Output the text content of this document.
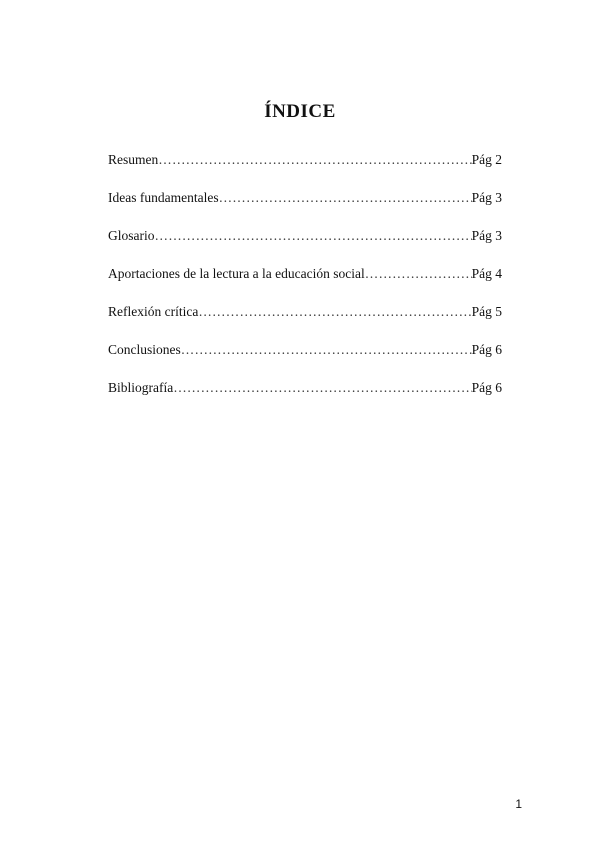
ÍNDICE
Resumen …………………………………………………………………………………………………………………………………………	Pág 2
Ideas fundamentales …………………………………………………………………………………………………………………………………………	Pág 3
Glosario …………………………………………………………………………………………………………………………………………	Pág 3
Aportaciones de la lectura a la educación social …………………………………………………………………………………………………………………………………………	Pág 4
Reflexión crítica …………………………………………………………………………………………………………………………………………	Pág 5
Conclusiones …………………………………………………………………………………………………………………………………………	Pág 6
Bibliografía …………………………………………………………………………………………………………………………………………	Pág 6
1
